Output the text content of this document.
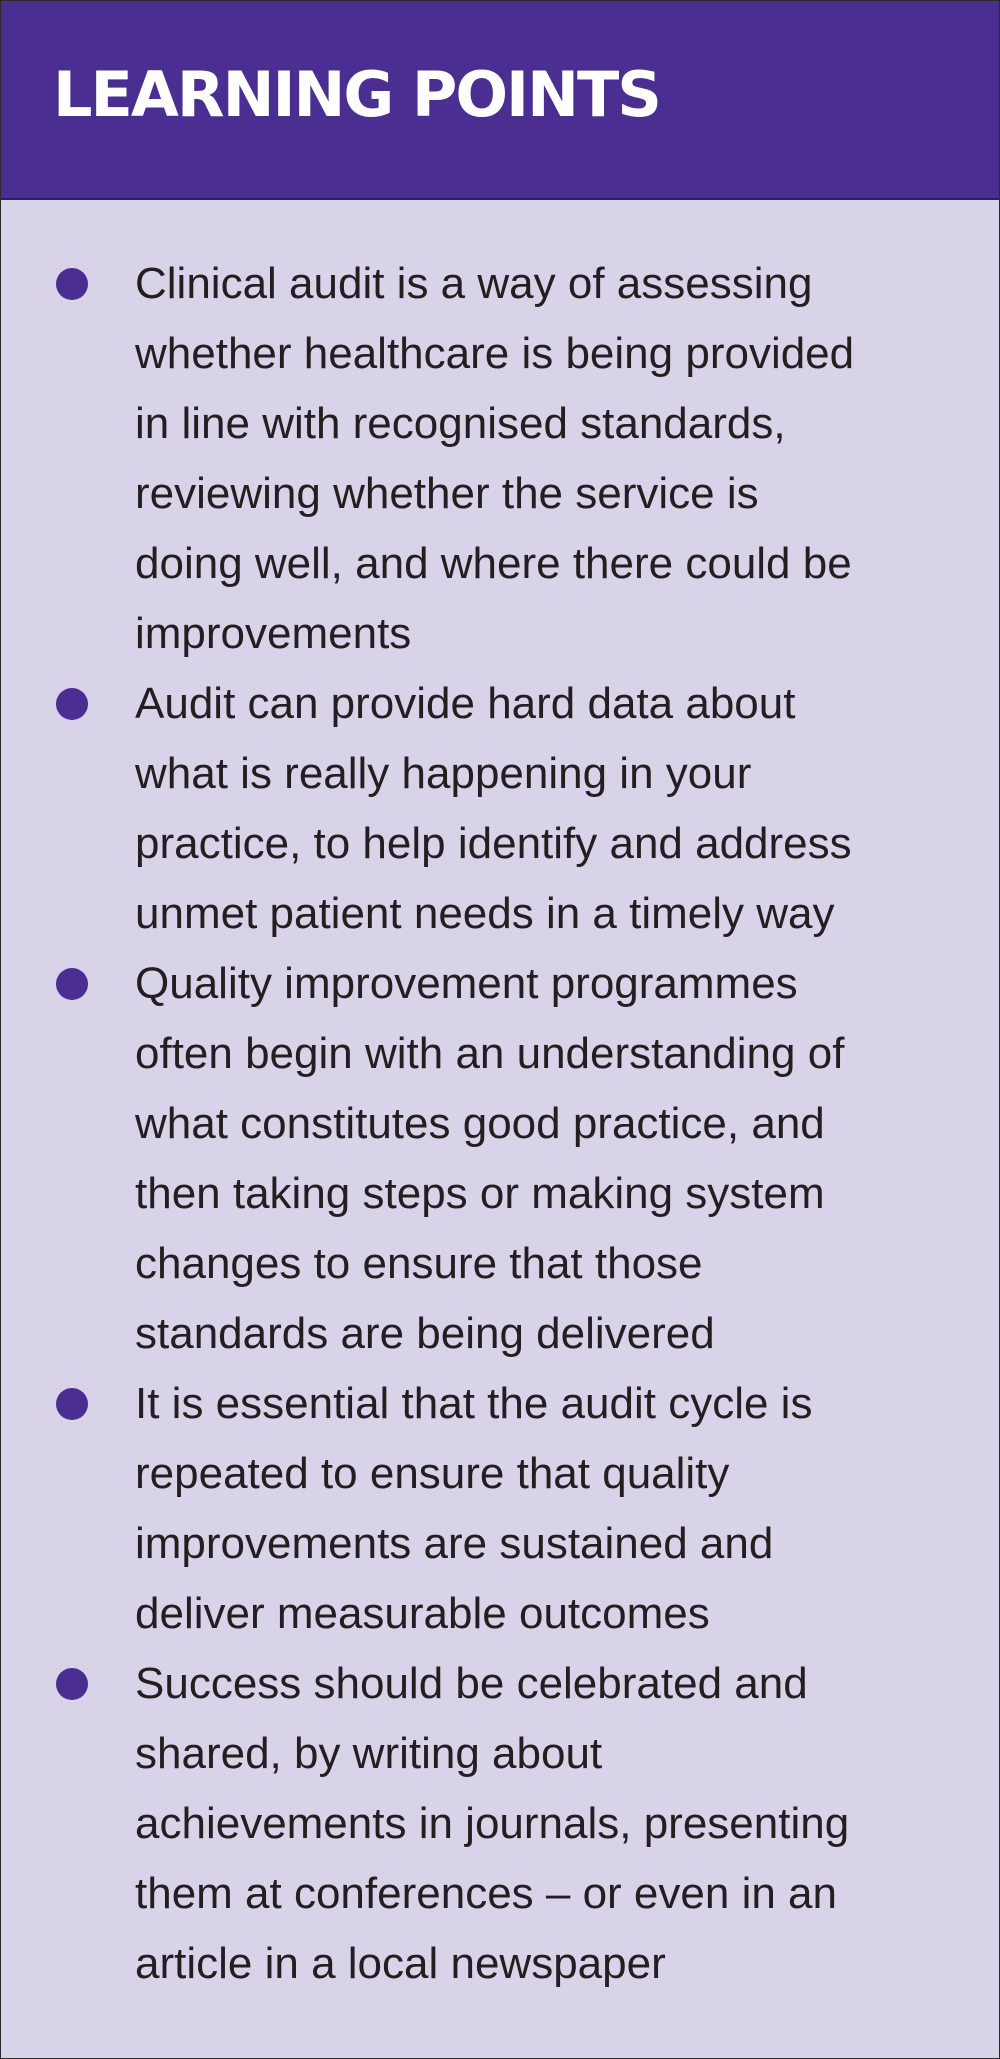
LEARNING POINTS
Clinical audit is a way of assessing
whether healthcare is being provided
in line with recognised standards,
reviewing whether the service is
doing well, and where there could be
improvements
Audit can provide hard data about
what is really happening in your
practice, to help identify and address
unmet patient needs in a timely way
Quality improvement programmes
often begin with an understanding of
what constitutes good practice, and
then taking steps or making system
changes to ensure that those
standards are being delivered
It is essential that the audit cycle is
repeated to ensure that quality
improvements are sustained and
deliver measurable outcomes
Success should be celebrated and
shared, by writing about
achievements in journals, presenting
them at conferences – or even in an
article in a local newspaper
